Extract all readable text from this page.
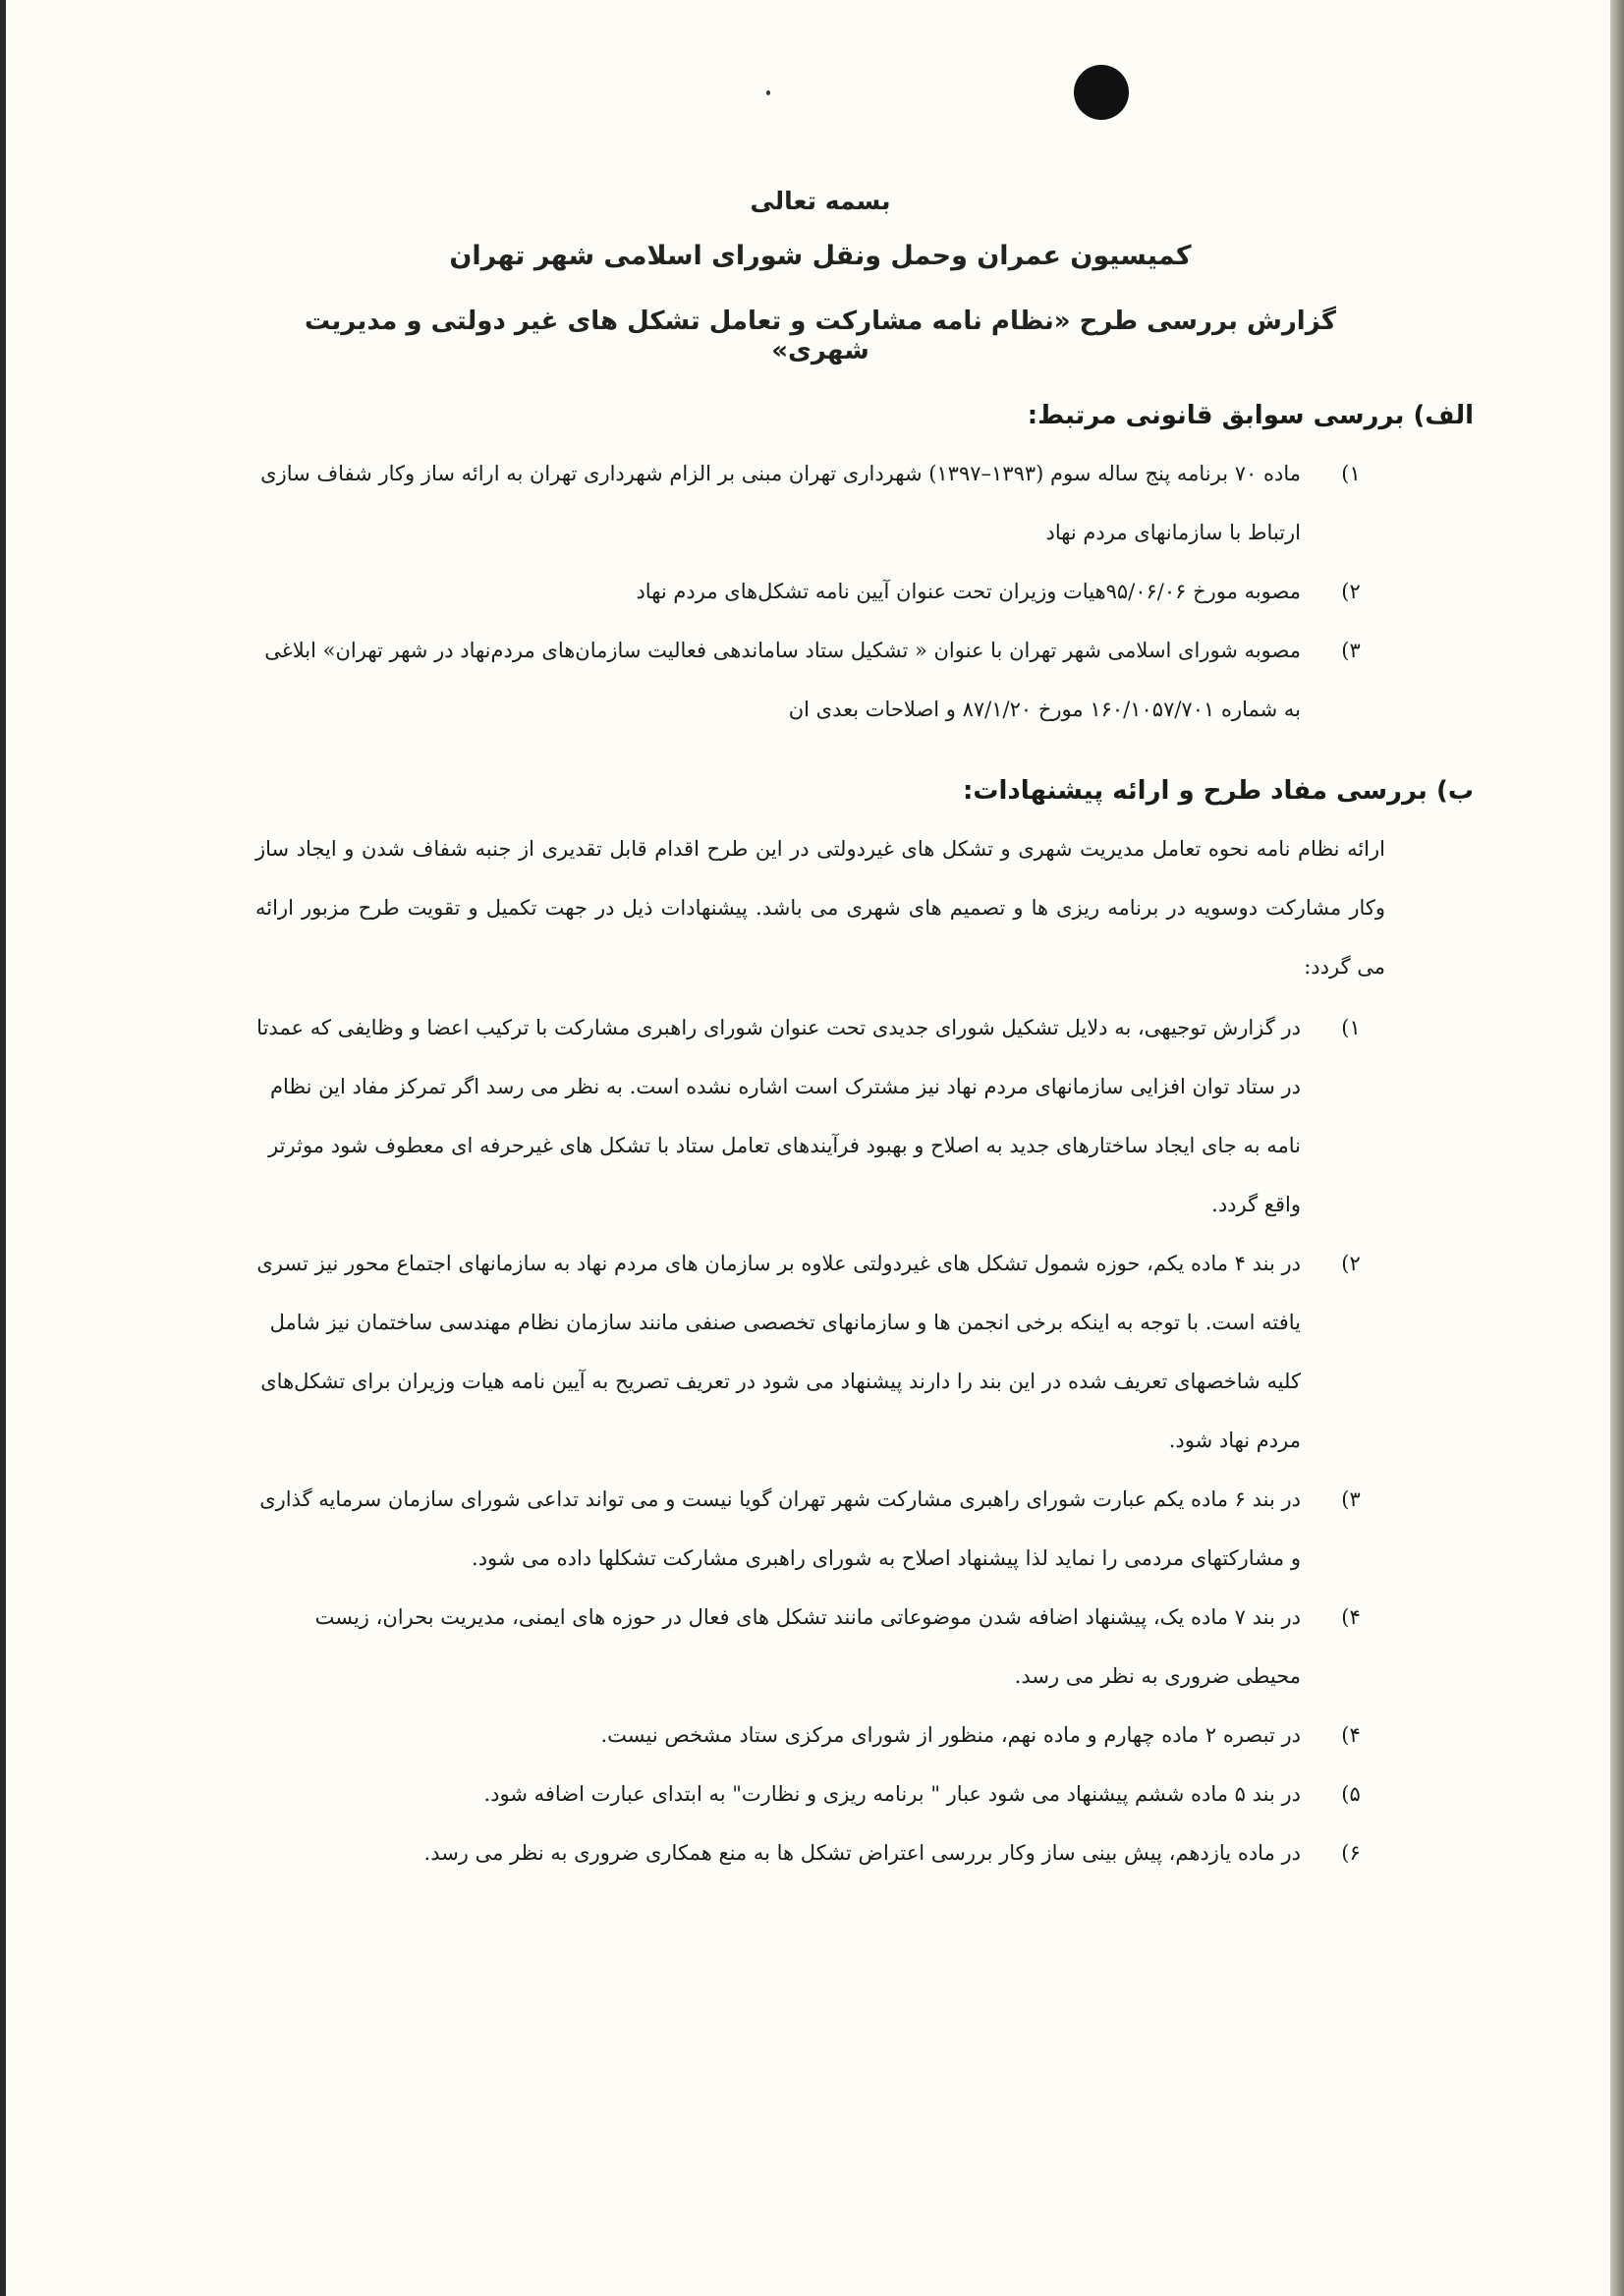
بسمه تعالی
کمیسیون عمران وحمل ونقل شورای اسلامی شهر تهران
گزارش بررسی طرح «نظام نامه مشارکت و تعامل تشکل های غیر دولتی و مدیریت شهری»
الف) بررسی سوابق قانونی مرتبط:
۱)
ماده ۷۰ برنامه پنج ساله سوم (۱۳۹۳–۱۳۹۷) شهرداری تهران مبنی بر الزام شهرداری تهران به ارائه ساز وکار شفاف سازی ارتباط با سازمانهای مردم نهاد
۲)
مصوبه مورخ ۹۵/۰۶/۰۶هیات وزیران تحت عنوان آیین نامه تشکل‌های مردم نهاد
۳)
مصوبه شورای اسلامی شهر تهران با عنوان « تشکیل ستاد ساماندهی فعالیت سازمان‌های مردم‌نهاد در شهر تهران» ابلاغی به شماره ۱۶۰/۱۰۵۷/۷۰۱ مورخ ۸۷/۱/۲۰ و اصلاحات بعدی ان
ب) بررسی مفاد طرح و ارائه پیشنهادات:
ارائه نظام نامه نحوه تعامل مدیریت شهری و تشکل های غیردولتی در این طرح اقدام قابل تقدیری از جنبه شفاف شدن و ایجاد ساز وکار مشارکت دوسویه در برنامه ریزی ها و تصمیم های شهری می باشد. پیشنهادات ذیل در جهت تکمیل و تقویت طرح مزبور ارائه می گردد:
۱)
در گزارش توجیهی، به دلایل تشکیل شورای جدیدی تحت عنوان شورای راهبری مشارکت با ترکیب اعضا و وظایفی که عمدتا در ستاد توان افزایی سازمانهای مردم نهاد نیز مشترک است اشاره نشده است. به نظر می رسد اگر تمرکز مفاد این نظام نامه به جای ایجاد ساختارهای جدید به اصلاح و بهبود فرآیندهای تعامل ستاد با تشکل های غیرحرفه ای معطوف شود موثرتر واقع گردد.
۲)
در بند ۴ ماده یکم، حوزه شمول تشکل های غیردولتی علاوه بر سازمان های مردم نهاد به سازمانهای اجتماع محور نیز تسری یافته است. با توجه به اینکه برخی انجمن ها و سازمانهای تخصصی صنفی مانند سازمان نظام مهندسی ساختمان نیز شامل کلیه شاخصهای تعریف شده در این بند را دارند پیشنهاد می شود در تعریف تصریح به آیین نامه هیات وزیران برای تشکل‌های مردم نهاد شود.
۳)
در بند ۶ ماده یکم عبارت شورای راهبری مشارکت شهر تهران گویا نیست و می تواند تداعی شورای سازمان سرمایه گذاری و مشارکتهای مردمی را نماید لذا پیشنهاد اصلاح به شورای راهبری مشارکت تشکلها داده می شود.
۴)
در بند ۷ ماده یک، پیشنهاد اضافه شدن موضوعاتی مانند تشکل های فعال در حوزه های ایمنی، مدیریت بحران، زیست محیطی ضروری به نظر می رسد.
۴)
در تبصره ۲ ماده چهارم و ماده نهم، منظور از شورای مرکزی ستاد مشخص نیست.
۵)
در بند ۵ ماده ششم پیشنهاد می شود عبار " برنامه ریزی و نظارت" به ابتدای عبارت اضافه شود.
۶)
در ماده یازدهم، پیش بینی ساز وکار بررسی اعتراض تشکل ها به منع همکاری ضروری به نظر می رسد.
